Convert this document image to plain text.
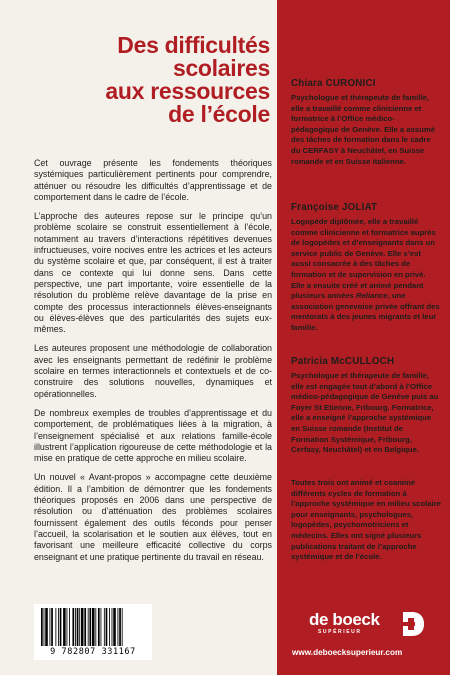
Des difficultés
scolaires
aux ressources
de l’école

Cet ouvrage présente les fondements théoriques systémiques particulièrement pertinents pour comprendre, atténuer ou résoudre les difficultés d’apprentissage et de comportement dans le cadre de l’école.

L’approche des auteures repose sur le principe qu’un problème scolaire se construit essentiellement à l’école, notamment au travers d’interactions répétitives devenues infructueuses, voire nocives entre les actrices et les acteurs du système scolaire et que, par conséquent, il est à traiter dans ce contexte qui lui donne sens. Dans cette perspective, une part importante, voire essentielle de la résolution du problème relève davantage de la prise en compte des processus interactionnels élèves-enseignants ou élèves-élèves que des particularités des sujets eux-mêmes.

Les auteures proposent une méthodologie de collaboration avec les enseignants permettant de redéfinir le problème scolaire en termes interactionnels et contextuels et de co-construire des solutions nouvelles, dynamiques et opérationnelles.

De nombreux exemples de troubles d’apprentissage et du comportement, de problématiques liées à la migration, à l’enseignement spécialisé et aux relations famille-école illustrent l’application rigoureuse de cette méthodologie et la mise en pratique de cette approche en milieu scolaire.

Un nouvel « Avant-propos » accompagne cette deuxième édition. Il a l’ambition de démontrer que les fondements théoriques proposés en 2006 dans une perspective de résolution ou d’atténuation des problèmes scolaires fournissent également des outils féconds pour penser l’accueil, la scolarisation et le soutien aux élèves, tout en favorisant une meilleure efficacité collective du corps enseignant et une pratique pertinente du travail en réseau.

9 782807 331167
Chiara CURONICI
Psychologue et thérapeute de famille, elle a travaillé comme clinicienne et formatrice à l’Office médico-pédagogique de Genève. Elle a assumé des tâches de formation dans le cadre du CERFASY à Neuchâtel, en Suisse romande et en Suisse italienne.
Françoise JOLIAT
Logopède diplômée, elle a travaillé comme clinicienne et formatrice auprès de logopèdes et d’enseignants dans un service public de Genève. Elle s’est aussi consacrée à des tâches de formation et de supervision en privé. Elle a ensuite créé et animé pendant plusieurs années Reliance, une association genevoise privée offrant des mentorats à des jeunes migrants et leur famille.
Patricia McCULLOCH
Psychologue et thérapeute de famille, elle est engagée tout d’abord à l’Office médico-pédagogique de Genève puis au Foyer St Etienne, Fribourg. Formatrice, elle a enseigné l’approche systémique en Suisse romande (Institut de Formation Systémique, Fribourg, Cerfasy, Neuchâtel) et en Belgique.
Toutes trois ont animé et coanimé différents cycles de formation à l’approche systémique en milieu scolaire pour enseignants, psychologues, logopèdes, psychomotriciens et médecins. Elles ont signé plusieurs publications traitant de l’approche systémique et de l’école.
de boeck
SUPÉRIEUR
www.deboecksuperieur.com
